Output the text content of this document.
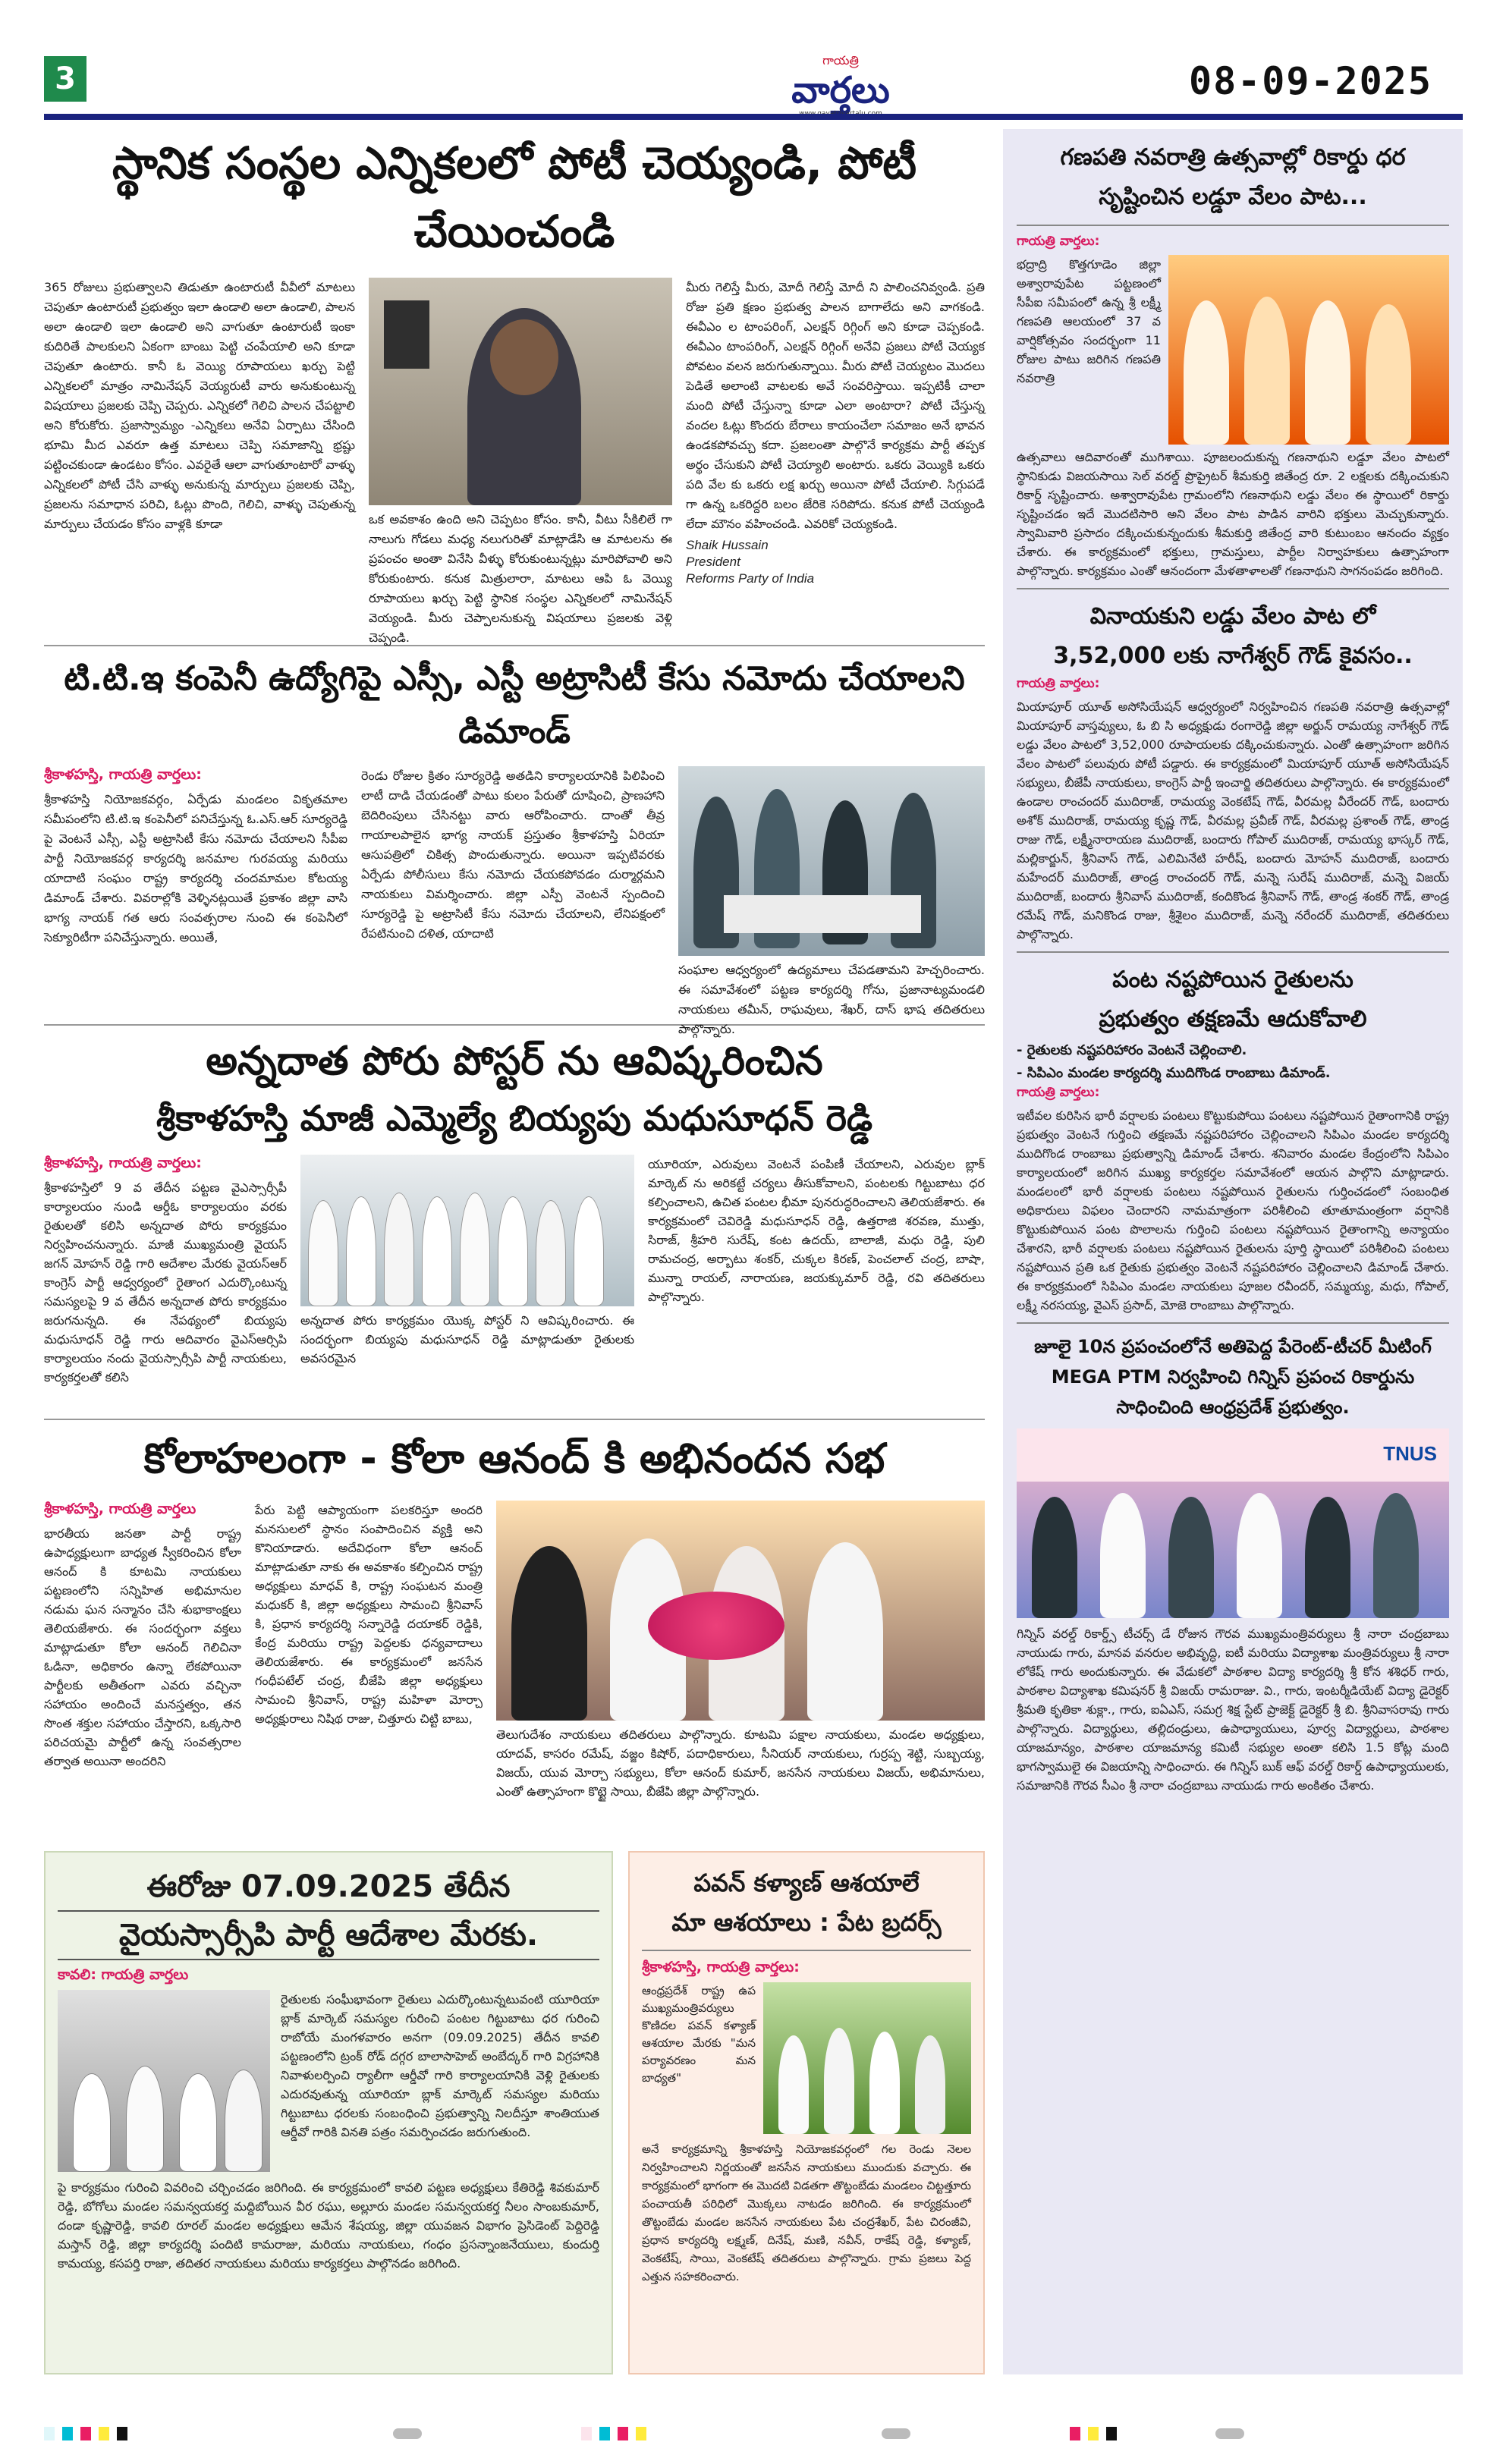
3
గాయత్రి
వార్తలు	08-09-2025
స్థానిక సంస్థల ఎన్నికలలో పోటీ చెయ్యండి, పోటీ చేయించండి

365 రోజులు ప్రభుత్వాలని తిడుతూ ఉంటారుటీ వీవీలో మాటలు చెపుతూ ఉంటారుటీ ప్రభుత్వం ఇలా ఉండాలి అలా ఉండాలి, పాలన అలా ఉండాలి ఇలా ఉండాలి అని వాగుతూ ఉంటారుటీ ఇంకా కుదిరితే పాలకులని ఏకంగా బాంబు పెట్టి చంపేయాలి అని కూడా చెపుతూ ఉంటారు. కానీ ఓ వెయ్యి రూపాయలు ఖర్చు పెట్టి ఎన్నికలలో మాత్రం నామినేషన్ వెయ్యరుటీ వారు అనుకుంటున్న విషయాలు ప్రజలకు చెప్పి చెప్పరు. ఎన్నికలో గెలిచి పాలన చేపట్టాలి అని కోరుకోరు. ప్రజాస్వామ్యం -ఎన్నికలు అనేవి ఏర్పాటు చేసింది భూమి మీద ఎవరూ ఉత్త మాటలు చెప్పి సమాజాన్ని భ్రష్టు పట్టించకుండా ఉండటం కోసం. ఎవరైతే ఆలా వాగుతూంటారో వాళ్ళు ఎన్నికలలో పోటీ చేసి వాళ్ళు అనుకున్న మార్పులు ప్రజలకు చెప్పి, ప్రజలను సమాధాన పరిచి, ఓట్లు పొంది, గెలిచి, వాళ్ళు చెపుతున్న మార్పులు చేయడం కోసం వాళ్లకి కూడా	ఒక అవకాశం ఉంది అని చెప్పటం కోసం. కానీ, వీటు సీకిలిలే గా నాలుగు గోడలు మధ్య నలుగురితో మాట్లాడేసి ఆ మాటలను ఈ ప్రపంచం అంతా వినేసి వీళ్ళు కోరుకుంటున్నట్లు మారిపోవాలి అని కోరుకుంటారు. కనుక మిత్రులారా, మాటలు ఆపి ఓ వెయ్యి రూపాయలు ఖర్చు పెట్టి స్థానిక సంస్థల ఎన్నికలలో నామినేషన్ వెయ్యండి. మీరు చెప్పాలనుకున్న విషయాలు ప్రజలకు వెళ్లి చెప్పండి.

మీరు గెలిస్తే మీరు, మోదీ గెలిస్తే మోదీ ని పాలించనివ్వండి. ప్రతి రోజు ప్రతి క్షణం ప్రభుత్వ పాలన బాగాలేదు అని వాగకండి. ఈవీఎం ల టాంపరింగ్, ఎలక్షన్ రిగ్గింగ్ అని కూడా చెప్పకండి. ఈవీఎం టాంపరింగ్, ఎలక్షన్ రిగ్గింగ్ అనేవి ప్రజలు పోటీ చెయ్యక పోవటం వలన జరుగుతున్నాయి. మీరు పోటీ చెయ్యటం మొదలు పెడితే అలాంటి వాటలకు అవే సంవరిస్తాయి. ఇప్పటికీ చాలా మంది పోటీ చేస్తున్నా కూడా ఎలా అంటారా? పోటీ చేస్తున్న వందల ఓట్లు కొందరు బేరాలు కాయంచేలా సమాజం అనే భావన ఉండకపోవచ్చు కదా. ప్రజలంతా పాల్గొనే కార్యక్రమ పార్టీ తప్పక అర్థం చేసుకుని పోటీ చెయ్యాలి అంటారు. ఒకరు వెయ్యికి ఒకరు పది వేల కు ఒకరు లక్ష ఖర్చు అయినా పోటీ చేయాలి. సిగ్గుపడే గా ఉన్న ఒకరిద్దరి బలం జేరికె సరిపోదు. కనుక పోటీ చెయ్యండి లేదా మౌనం వహించండి. ఎవరికో చెయ్యకండి.

Shaik Hussain
President
Reforms Party of India
టి.టి.ఇ కంపెనీ ఉద్యోగిపై ఎస్సీ, ఎస్టీ అట్రాసిటీ కేసు నమోదు చేయాలని డిమాండ్
శ్రీకాళహస్తి, గాయత్రి వార్తలు:

శ్రీకాళహస్తి నియోజకవర్గం, ఏర్పేడు మండలం వికృతమాల సమీపంలోని టి.టి.ఇ కంపెనీలో పనిచేస్తున్న ఓ.ఎస్.ఆర్ సూర్యరెడ్డి పై వెంటనే ఎస్సీ, ఎస్టీ అట్రాసిటీ కేసు నమోదు చేయాలని సీపీఐ పార్టీ నియోజకవర్గ కార్యదర్శి జనమాల గురవయ్య మరియు యాదాటి సంఘం రాష్ట్ర కార్యదర్శి చందమామల కోటయ్య డిమాండ్ చేశారు. వివరాల్లోకి వెళ్ళినట్లయితే ప్రకాశం జిల్లా వాసి భాగ్య నాయక్ గత ఆరు సంవత్సరాల నుంచి ఈ కంపెనీలో సెక్యూరిటీగా పనిచేస్తున్నారు. అయితే,

రెండు రోజుల క్రితం సూర్యరెడ్డి అతడిని కార్యాలయానికి పిలిపించి లాటీ దాడి చేయడంతో పాటు కులం పేరుతో దూషించి, ప్రాణహాని బెదిరింపులు చేసినట్టు వారు ఆరోపించారు. దాంతో తీవ్ర గాయాలపాలైన భాగ్య నాయక్ ప్రస్తుతం శ్రీకాళహస్తి ఏరియా ఆసుపత్రిలో చికిత్స పొందుతున్నారు. అయినా ఇప్పటివరకు ఏర్పేడు పోలీసులు కేసు నమోదు చేయకపోవడం దుర్మార్గమని నాయకులు విమర్శించారు. జిల్లా ఎస్పీ వెంటనే స్పందించి సూర్యరెడ్డి పై అట్రాసిటీ కేసు నమోదు చేయాలని, లేనిపక్షంలో రేపటినుంచి దళిత, యాదాటి

సంఘాల ఆధ్వర్యంలో ఉద్యమాలు చేపడతామని హెచ్చరించారు. ఈ సమావేశంలో పట్టణ కార్యదర్శి గోను, ప్రజానాట్యమండలి నాయకులు తమీన్, రాఘవులు, శేఖర్, దాస్ భాష తదితరులు పాల్గొన్నారు.

అన్నదాత పోరు పోస్టర్ ను ఆవిష్కరించిన
శ్రీకాళహస్తి మాజీ ఎమ్మెల్యే బియ్యపు మధుసూధన్ రెడ్డి
శ్రీకాళహస్తి, గాయత్రి వార్తలు:

శ్రీకాళహస్తిలో 9 వ తేదీన పట్టణ వైఎస్సార్సీపీ కార్యాలయం నుండి ఆర్డీఓ కార్యాలయం వరకు రైతులతో కలిసి అన్నదాత పోరు కార్యక్రమం నిర్వహించనున్నారు. మాజీ ముఖ్యమంత్రి వైయస్ జగన్ మోహన్ రెడ్డి గారి ఆదేశాల మేరకు వైయస్ఆర్ కాంగ్రెస్ పార్టీ ఆధ్వర్యంలో రైతాంగ ఎదుర్కొంటున్న సమస్యలపై 9 వ తేదీన అన్నదాత పోరు కార్యక్రమం జరుగనున్నది. ఈ నేపథ్యంలో బియ్యపు మధుసూధన్ రెడ్డి గారు ఆదివారం వైఎస్ఆర్సిపి కార్యాలయం నందు వైయస్సార్సీపి పార్టీ నాయకులు, కార్యకర్తలతో కలిసి

అన్నదాత పోరు కార్యక్రమం యొక్క పోస్టర్ ని ఆవిష్కరించారు. ఈ సందర్భంగా బియ్యపు మధుసూధన్ రెడ్డి మాట్లాడుతూ రైతులకు అవసరమైన

యూరియా, ఎరువులు వెంటనే పంపిణీ చేయాలని, ఎరువుల బ్లాక్ మార్కెట్ ను అరికట్టే చర్యలు తీసుకోవాలని, పంటలకు గిట్టుబాటు ధర కల్పించాలని, ఉచిత పంటల భీమా పునరుద్ధరించాలని తెలియజేశారు. ఈ కార్యక్రమంలో చెవిరెడ్డి మధుసూధన్ రెడ్డి, ఉత్తరాజి శరవణ, ముత్తు, సిరాజ్, శ్రీహరి సురేష్, కంట ఉదయ్, బాలాజీ, మధు రెడ్డి, పులి రామచంద్ర, అర్బాటు శంకర్, చుక్కల కిరణ్, పెంచలాల్ చంద్ర, బాషా, మున్నా రాయల్, నారాయణ, జయక్కుమార్ రెడ్డి, రవి తదితరులు పాల్గొన్నారు.

కోలాహలంగా - కోలా ఆనంద్ కి అభినందన సభ
శ్రీకాళహస్తి, గాయత్రి వార్తలు

భారతీయ జనతా పార్టీ రాష్ట్ర ఉపాధ్యక్షులుగా బాధ్యత స్వీకరించిన కోలా ఆనంద్ కి కూటమి నాయకులు పట్టణంలోని సన్నిహిత అభిమానుల నడుమ ఘన సన్మానం చేసి శుభాకాంక్షలు తెలియజేశారు. ఈ సందర్భంగా వక్తలు మాట్లాడుతూ కోలా ఆనంద్ గెలిచినా ఓడినా, అధికారం ఉన్నా లేకపోయినా పార్టీలకు అతీతంగా ఎవరు వచ్చినా సహాయం అందించే మనస్తత్వం, తన సొంత శక్తుల సహాయం చేస్తారని, ఒక్కసారి పరిచయమై పార్టీలో ఉన్న సంవత్సరాల తర్వాత అయినా అందరిని

పేరు పెట్టి ఆప్యాయంగా పలకరిస్తూ అందరి మనసులలో స్థానం సంపాదించిన వ్యక్తి అని కొనియాడారు. అదేవిధంగా కోలా ఆనంద్ మాట్లాడుతూ నాకు ఈ అవకాశం కల్పించిన రాష్ట్ర అధ్యక్షులు మాధవ్ కి, రాష్ట్ర సంఘటన మంత్రి మధుకర్ కి, జిల్లా అధ్యక్షులు సామంచి శ్రీనివాస్ కి, ప్రధాన కార్యదర్శి సన్నారెడ్డి దయాకర్ రెడ్డికి, కేంద్ర మరియు రాష్ట్ర పెద్దలకు ధన్యవాదాలు తెలియజేశారు. ఈ కార్యక్రమంలో జనసేన గంధీపటేల్ చంద్ర, బీజేపి జిల్లా అధ్యక్షులు సామంచి శ్రీనివాస్, రాష్ట్ర మహిళా మోర్చా అధ్యక్షురాలు నిషిథ రాజు, చిత్తూరు చిట్టి బాబు,

తెలుగుదేశం నాయకులు తదితరులు పాల్గొన్నారు. కూటమి పక్షాల నాయకులు, మండల అధ్యక్షులు, యాదవ్, కాసరం రమేష్, వజ్జం కిషోర్, పదాధికారులు, సీనియర్ నాయకులు, గుర్రప్ప శెట్టి, సుబ్బయ్య, విజయ్, యువ మోర్చా సభ్యులు, కోలా ఆనంద్ కుమార్, జనసేన నాయకులు విజయ్, అభిమానులు, ఎంతో ఉత్సాహంగా కొట్టై సాయి, బీజేపి జిల్లా పాల్గొన్నారు.

ఈరోజు 07.09.2025 తేదీన
వైయస్సార్సీపి పార్టీ ఆదేశాల మేరకు.
కావలి: గాయత్రి వార్తలు

రైతులకు సంఘీభావంగా రైతులు ఎదుర్కొంటున్నటువంటి యూరియా బ్లాక్ మార్కెట్ సమస్యల గురించి పంటల గిట్టుబాటు ధర గురించి రాబోయే మంగళవారం అనగా (09.09.2025) తేదీన కావలి పట్టణంలోని ట్రంక్ రోడ్ దగ్గర బాలాసాహెబ్ అంబేద్కర్ గారి విగ్రహానికి నివాళులర్పించి ర్యాలీగా ఆర్డీవో గారి కార్యాలయానికి వెళ్లి రైతులకు ఎదురవుతున్న యూరియా బ్లాక్ మార్కెట్ సమస్యల మరియు గిట్టుబాటు ధరలకు సంబంధించి ప్రభుత్వాన్ని నిలదీస్తూ శాంతియుత ఆర్డీవో గారికి వినతి పత్రం సమర్పించడం జరుగుతుంది.

పై కార్యక్రమం గురించి వివరించి చర్చించడం జరిగింది. ఈ కార్యక్రమంలో కావలి పట్టణ అధ్యక్షులు కేతిరెడ్డి శివకుమార్ రెడ్డి, బోగోలు మండల సమన్వయకర్త మద్దిబోయిన వీర రఘు, అల్లూరు మండల సమన్వయకర్త నీలం సాంబకుమార్, దండా కృష్ణారెడ్డి, కావలి రూరల్ మండల అధ్యక్షులు ఆమేన శేషయ్య, జిల్లా యువజన విభాగం ప్రెసిడెంట్ పెద్దిరెడ్డి మస్తాన్ రెడ్డి, జిల్లా కార్యదర్శి పందిటి కామరాజు, మరియు నాయకులు, గంధం ప్రసన్నాంజనేయులు, కుందుర్తి కామయ్య, కసపర్తి రాజా, తదితర నాయకులు మరియు కార్యకర్తలు పాల్గొనడం జరిగింది.

పవన్ కళ్యాణ్ ఆశయాలే
మా ఆశయాలు : పేట బ్రదర్స్
శ్రీకాళహస్తి, గాయత్రి వార్తలు:

ఆంధ్రప్రదేశ్ రాష్ట్ర ఉప ముఖ్యమంత్రివర్యులు కొణిదల పవన్ కళ్యాణ్ ఆశయాల మేరకు "మన పర్యావరణం మన బాధ్యత"

అనే కార్యక్రమాన్ని శ్రీకాళహస్తి నియోజకవర్గంలో గల రెండు నెలల నిర్వహించాలని నిర్ణయంతో జనసేన నాయకులు ముందుకు వచ్చారు. ఈ కార్యక్రమంలో భాగంగా ఈ మొదటి విడతగా తొట్టంబేడు మండలం చిట్టత్తూరు పంచాయతీ పరిధిలో మొక్కలు నాటడం జరిగింది. ఈ కార్యక్రమంలో తొట్టంబేడు మండల జనసేన నాయకులు పేట చంద్రశేఖర్, పేట చిరంజీవి, ప్రధాన కార్యదర్శి లక్ష్మణ్, దినేష్, మణి, నవీన్, రాకేష్ రెడ్డి, కళ్యాణ్, వెంకటేష్, సాయి, వెంకటేష్ తదితరులు పాల్గొన్నారు. గ్రామ ప్రజలు పెద్ద ఎత్తున సహకరించారు.

గణపతి నవరాత్రి ఉత్సవాల్లో రికార్డు ధర సృష్టించిన లడ్డూ వేలం పాట...
గాయత్రి వార్తలు:

భద్రాద్రి కొత్తగూడెం జిల్లా అశ్వారావుపేట పట్టణంలో సీపీఐ సమీపంలో ఉన్న శ్రీ లక్ష్మీ గణపతి ఆలయంలో 37 వ వార్షికోత్సవం సందర్భంగా 11 రోజుల పాటు జరిగిన గణపతి నవరాత్రి

ఉత్సవాలు ఆదివారంతో ముగిశాయి. పూజలందుకున్న గణనాథుని లడ్డూ వేలం పాటలో స్థానికుడు విజయసాయి సెల్ వరల్డ్ ప్రొప్రైటర్ శీమకుర్తి జితేంద్ర రూ. 2 లక్షలకు దక్కించుకుని రికార్డ్ సృష్టించారు. అశ్వారావుపేట గ్రామంలోని గణనాథుని లడ్డు వేలం ఈ స్థాయిలో రికార్డు సృష్టించడం ఇదే మొదటిసారి అని వేలం పాట పాడిన వారిని భక్తులు మెచ్చుకున్నారు. స్వామివారి ప్రసాదం దక్కించుకున్నందుకు శీమకుర్తి జితేంద్ర వారి కుటుంబం ఆనందం వ్యక్తం చేశారు. ఈ కార్యక్రమంలో భక్తులు, గ్రామస్తులు, పార్టీల నిర్వాహకులు ఉత్సాహంగా పాల్గొన్నారు. కార్యక్రమం ఎంతో ఆనందంగా మేళతాళాలతో గణనాథుని సాగనంపడం జరిగింది.

వినాయకుని లడ్డు వేలం పాట లో
3,52,000 లకు నాగేశ్వర్ గౌడ్ కైవసం..
గాయత్రి వార్తలు:

మియాపూర్ యూత్ అసోసియేషన్ ఆధ్వర్యంలో నిర్వహించిన గణపతి నవరాత్రి ఉత్సవాల్లో మియాపూర్ వాస్తవ్యులు, ఓ బి సి అధ్యక్షుడు రంగారెడ్డి జిల్లా అర్జున్ రామయ్య నాగేశ్వర్ గౌడ్ లడ్డు వేలం పాటలో 3,52,000 రూపాయలకు దక్కించుకున్నారు. ఎంతో ఉత్సాహంగా జరిగిన వేలం పాటలో పలువురు పోటీ పడ్డారు. ఈ కార్యక్రమంలో మియాపూర్ యూత్ అసోసియేషన్ సభ్యులు, బీజేపీ నాయకులు, కాంగ్రెస్ పార్టీ ఇంచార్జి తదితరులు పాల్గొన్నారు. ఈ కార్యక్రమంలో ఉండాల రాంచందర్ ముదిరాజ్, రామయ్య వెంకటేష్ గౌడ్, వీరమల్ల వీరేందర్ గౌడ్, బందారు అశోక్ ముదిరాజ్, రామయ్య కృష్ణ గౌడ్, వీరమల్ల ప్రవీణ్ గౌడ్, వీరమల్ల ప్రశాంత్ గౌడ్, తాండ్ర రాజు గౌడ్, లక్ష్మీనారాయణ ముదిరాజ్, బందారు గోపాల్ ముదిరాజ్, రామయ్య భాస్కర్ గౌడ్, మల్లికార్జున్, శ్రీనివాస్ గౌడ్, ఎలిమినేటి హరీష్, బందారు మోహన్ ముదిరాజ్, బందారు మహేందర్ ముదిరాజ్, తాండ్ర రాంచందర్ గౌడ్, మన్నె సురేష్ ముదిరాజ్, మన్నె విజయ్ ముదిరాజ్, బందారు శ్రీనివాస్ ముదిరాజ్, కందికొండ శ్రీనివాస్ గౌడ్, తాండ్ర శంకర్ గౌడ్, తాండ్ర రమేష్ గౌడ్, మనికొండ రాజు, శ్రీశైలం ముదిరాజ్, మన్నె నరేందర్ ముదిరాజ్, తదితరులు పాల్గొన్నారు.

పంట నష్టపోయిన రైతులను
ప్రభుత్వం తక్షణమే ఆదుకోవాలి
- రైతులకు నష్టపరిహారం వెంటనే చెల్లించాలి.
- సిపిఎం మండల కార్యదర్శి ముదిగొండ రాంబాబు డిమాండ్.
గాయత్రి వార్తలు:

ఇటీవల కురిసిన భారీ వర్షాలకు పంటలు కొట్టుకుపోయి పంటలు నష్టపోయిన రైతాంగానికి రాష్ట్ర ప్రభుత్వం వెంటనే గుర్తించి తక్షణమే నష్టపరిహారం చెల్లించాలని సిపిఎం మండల కార్యదర్శి ముదిగొండ రాంబాబు ప్రభుత్వాన్ని డిమాండ్ చేశారు. శనివారం మండల కేంద్రంలోని సిపిఎం కార్యాలయంలో జరిగిన ముఖ్య కార్యకర్తల సమావేశంలో ఆయన పాల్గొని మాట్లాడారు. మండలంలో భారీ వర్షాలకు పంటలు నష్టపోయిన రైతులను గుర్తించడంలో సంబంధిత అధికారులు విఫలం చెందారని నామమాత్రంగా పరిశీలించి తూతూమంత్రంగా వర్షానికి కొట్టుకుపోయిన పంట పొలాలను గుర్తించి పంటలు నష్టపోయిన రైతాంగాన్ని అన్యాయం చేశారని, భారీ వర్షాలకు పంటలు నష్టపోయిన రైతులను పూర్తి స్థాయిలో పరిశీలించి పంటలు నష్టపోయిన ప్రతి ఒక రైతుకు ప్రభుత్వం వెంటనే నష్టపరిహారం చెల్లించాలని డిమాండ్ చేశారు. ఈ కార్యక్రమంలో సిపిఎం మండల నాయకులు పూజల రవీందర్, సమ్మయ్య, మధు, గోపాల్, లక్ష్మీ నరసయ్య, వైఎస్ ప్రసాద్, మోజె రాంబాబు పాల్గొన్నారు.

జూలై 10న ప్రపంచంలోనే అతిపెద్ద పేరెంట్-టీచర్ మీటింగ్ MEGA PTM నిర్వహించి గిన్నిస్ ప్రపంచ రికార్డును సాధించింది ఆంధ్రప్రదేశ్ ప్రభుత్వం.
TNUS

గిన్నిస్ వరల్డ్ రికార్డ్స్ టీచర్స్ డే రోజున గౌరవ ముఖ్యమంత్రివర్యులు శ్రీ నారా చంద్రబాబు నాయుడు గారు, మానవ వనరుల అభివృద్ధి, ఐటీ మరియు విద్యాశాఖ మంత్రివర్యులు శ్రీ నారా లోకేష్ గారు అందుకున్నారు. ఈ వేడుకలో పాఠశాల విద్యా కార్యదర్శి శ్రీ కోన శశిధర్ గారు, పాఠశాల విద్యాశాఖ కమిషనర్ శ్రీ విజయ్ రామరాజు. వి., గారు, ఇంటర్మీడియేట్ విద్యా డైరెక్టర్ శ్రీమతి కృతికా శుక్లా., గారు, ఐఏఎస్, సమగ్ర శిక్ష స్టేట్ ప్రాజెక్ట్ డైరెక్టర్ శ్రీ బి. శ్రీనివాసరావు గారు పాల్గొన్నారు. విద్యార్థులు, తల్లిదండ్రులు, ఉపాధ్యాయులు, పూర్వ విద్యార్థులు, పాఠశాల యాజమాన్యం, పాఠశాల యాజమాన్య కమిటీ సభ్యుల అంతా కలిసి 1.5 కోట్ల మంది భాగస్వాములై ఈ విజయాన్ని సాధించారు. ఈ గిన్నిస్ బుక్ ఆఫ్ వరల్డ్ రికార్డ్ ఉపాధ్యాయులకు, సమాజానికి గౌరవ సీఎం శ్రీ నారా చంద్రబాబు నాయుడు గారు అంకితం చేశారు.
